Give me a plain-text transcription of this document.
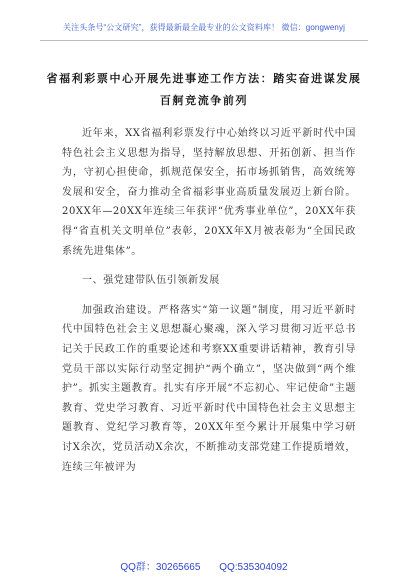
关注头条号“公文研究”，获得最新最全最专业的公文资料库！ 微信：gongwenyj
省福利彩票中心开展先进事迹工作方法：踏实奋进谋发展
百舸竞流争前列

近年来，XX省福利彩票发行中心始终以习近平新时代中国特色社会主义思想为指导，坚持解放思想、开拓创新、担当作为，守初心担使命，抓规范保安全，拓市场抓销售，高效统筹发展和安全，奋力推动全省福彩事业高质量发展迈上新台阶。20XX年—20XX年连续三年获评“优秀事业单位”，20XX年获得“省直机关文明单位”表彰，20XX年X月被表彰为“全国民政系统先进集体”。

一、强党建带队伍引领新发展

加强政治建设。严格落实“第一议题”制度，用习近平新时代中国特色社会主义思想凝心聚魂，深入学习贯彻习近平总书记关于民政工作的重要论述和考察XX重要讲话精神，教育引导党员干部以实际行动坚定拥护“两个确立”，坚决做到“两个维护”。抓实主题教育。扎实有序开展“不忘初心、牢记使命”主题教育、党史学习教育、习近平新时代中国特色社会主义思想主题教育、党纪学习教育等，20XX年至今累计开展集中学习研讨X余次，党员活动X余次，不断推动支部党建工作提质增效，连续三年被评为

QQ群：30265665 QQ:535304092
